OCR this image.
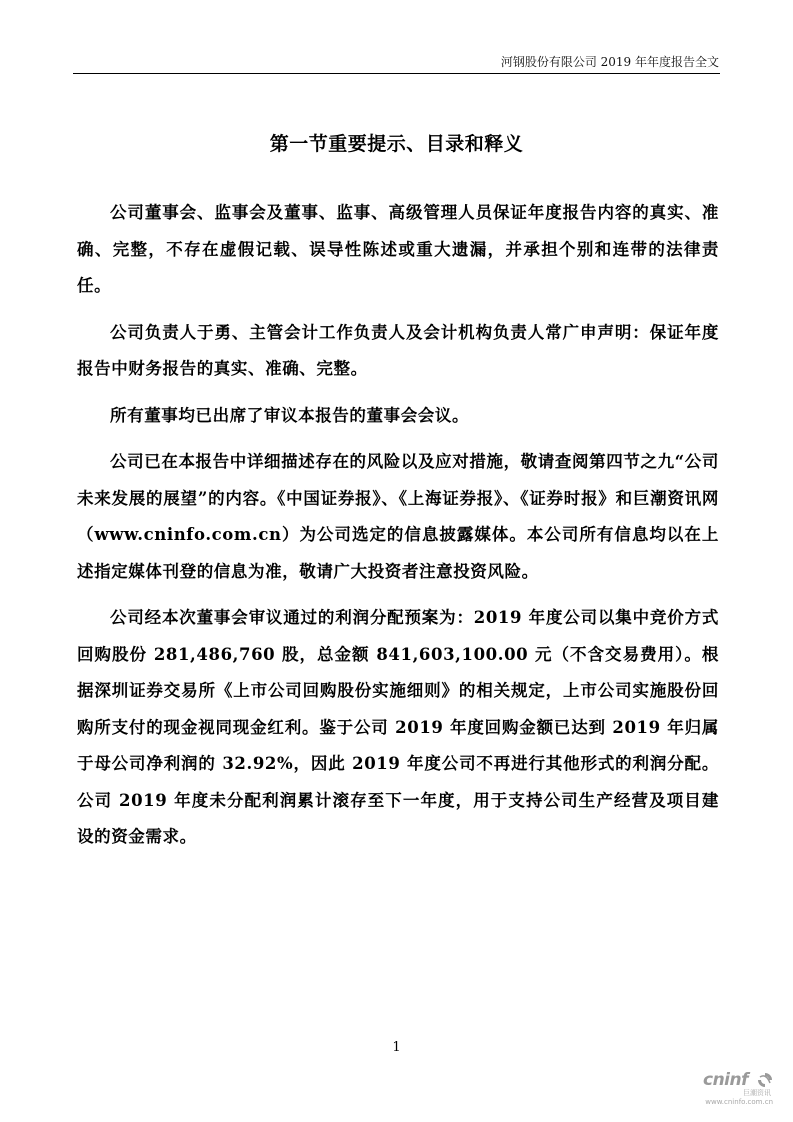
河钢股份有限公司 2019 年年度报告全文
第一节重要提示、目录和释义

公司董事会、监事会及董事、监事、高级管理人员保证年度报告内容的真实、准确、完整，不存在虚假记载、误导性陈述或重大遗漏，并承担个别和连带的法律责任。

公司负责人于勇、主管会计工作负责人及会计机构负责人常广申声明：保证年度报告中财务报告的真实、准确、完整。

所有董事均已出席了审议本报告的董事会会议。

公司已在本报告中详细描述存在的风险以及应对措施，敬请查阅第四节之九“公司未来发展的展望”的内容。《中国证券报》、《上海证券报》、《证券时报》和巨潮资讯网（www.cninfo.com.cn）为公司选定的信息披露媒体。本公司所有信息均以在上述指定媒体刊登的信息为准，敬请广大投资者注意投资风险。

公司经本次董事会审议通过的利润分配预案为：2019 年度公司以集中竞价方式回购股份 281,486,760 股，总金额 841,603,100.00 元（不含交易费用）。根据深圳证券交易所《上市公司回购股份实施细则》的相关规定，上市公司实施股份回购所支付的现金视同现金红利。鉴于公司 2019 年度回购金额已达到 2019 年归属于母公司净利润的 32.92%，因此 2019 年度公司不再进行其他形式的利润分配。公司 2019 年度未分配利润累计滚存至下一年度，用于支持公司生产经营及项目建设的资金需求。

1
cninf
巨潮资讯
www.cninfo.com.cn
